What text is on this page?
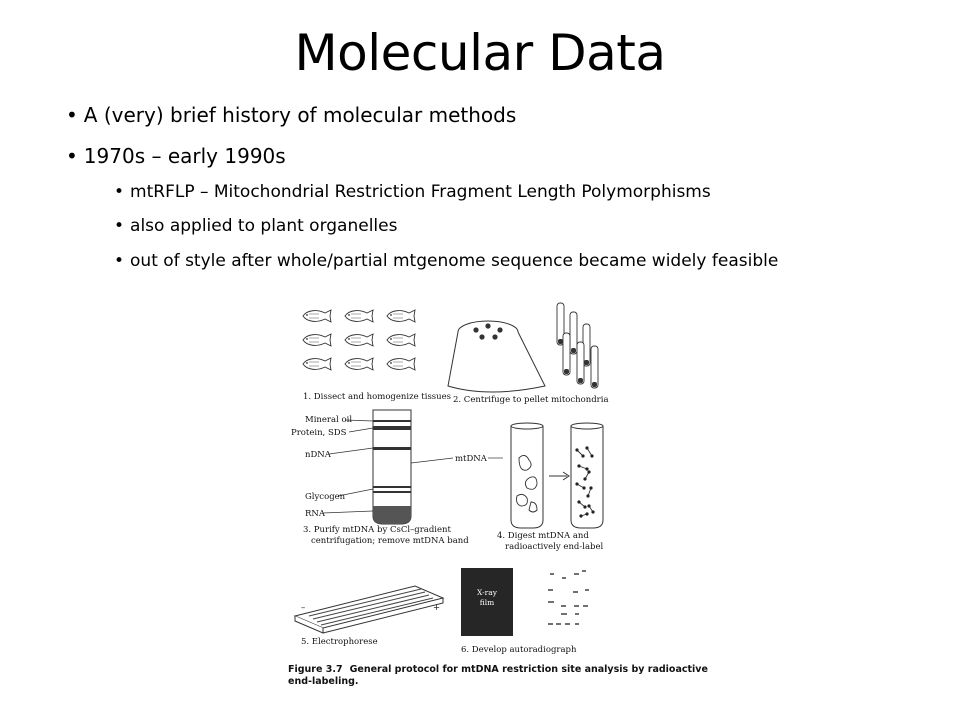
Molecular Data
• A (very) brief history of molecular methods
• 1970s – early 1990s
• mtRFLP – Mitochondrial Restriction Fragment Length Polymorphisms
• also applied to plant organelles
• out of style after whole/partial mtgenome sequence became widely feasible
1. Dissect and homogenize tissues 2. Centrifuge to pellet mitochondria
Mineral oil
Protein, SDS
nDNA
Glycogen
RNA
mtDNA
3. Purify mtDNA by CsCl–gradient
centrifugation; remove mtDNA band	4. Digest mtDNA and
radioactively end-label
–	+
5. Electrophorese
X-ray
film
6. Develop autoradiograph
Figure 3.7 General protocol for mtDNA restriction site analysis by radioactive
end-labeling.
